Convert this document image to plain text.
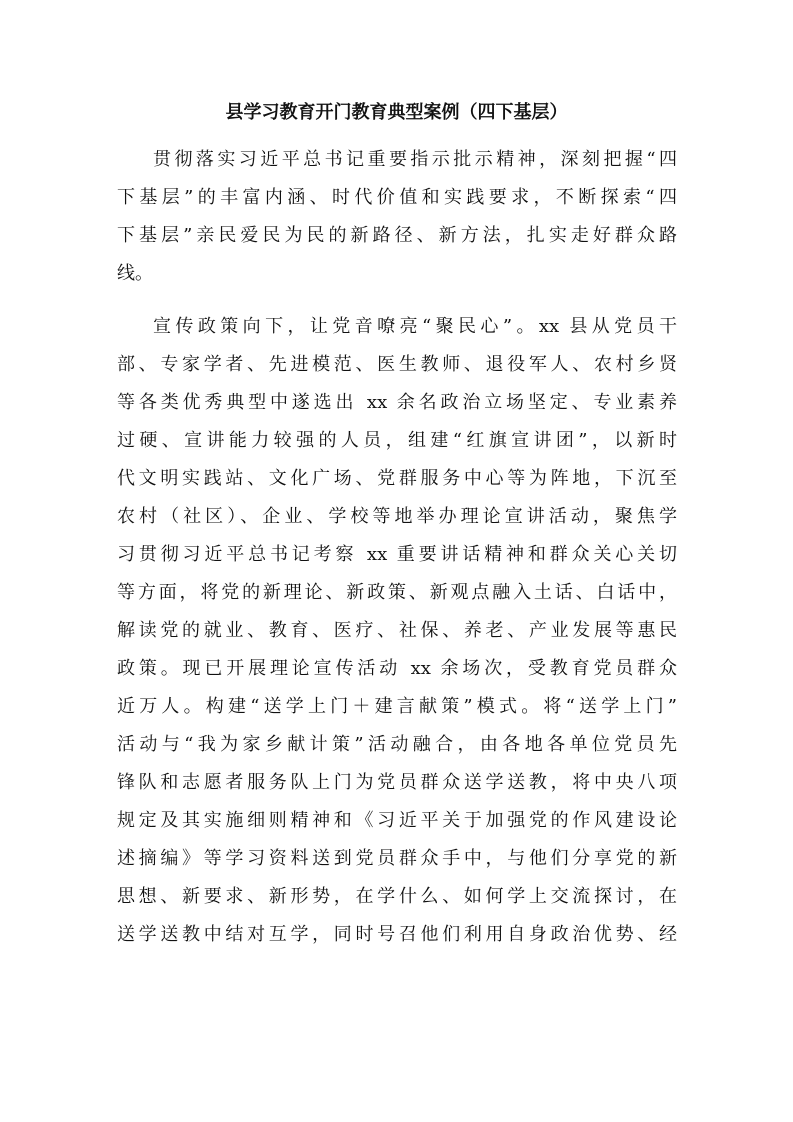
县学习教育开门教育典型案例（四下基层）
贯彻落实习近平总书记重要指示批示精神，深刻把握“四
下基层”的丰富内涵、时代价值和实践要求，不断探索“四
下基层”亲民爱民为民的新路径、新方法，扎实走好群众路
线。
宣传政策向下，让党音嘹亮“聚民心”。xx 县从党员干
部、专家学者、先进模范、医生教师、退役军人、农村乡贤
等各类优秀典型中遂选出 xx 余名政治立场坚定、专业素养
过硬、宣讲能力较强的人员，组建“红旗宣讲团”，以新时
代文明实践站、文化广场、党群服务中心等为阵地，下沉至
农村（社区）、企业、学校等地举办理论宣讲活动，聚焦学
习贯彻习近平总书记考察 xx 重要讲话精神和群众关心关切
等方面，将党的新理论、新政策、新观点融入土话、白话中，
解读党的就业、教育、医疗、社保、养老、产业发展等惠民
政策。现已开展理论宣传活动 xx 余场次，受教育党员群众
近万人。构建“送学上门＋建言献策”模式。将“送学上门”
活动与“我为家乡献计策”活动融合，由各地各单位党员先
锋队和志愿者服务队上门为党员群众送学送教，将中央八项
规定及其实施细则精神和《习近平关于加强党的作风建设论
述摘编》等学习资料送到党员群众手中，与他们分享党的新
思想、新要求、新形势，在学什么、如何学上交流探讨，在
送学送教中结对互学，同时号召他们利用自身政治优势、经
